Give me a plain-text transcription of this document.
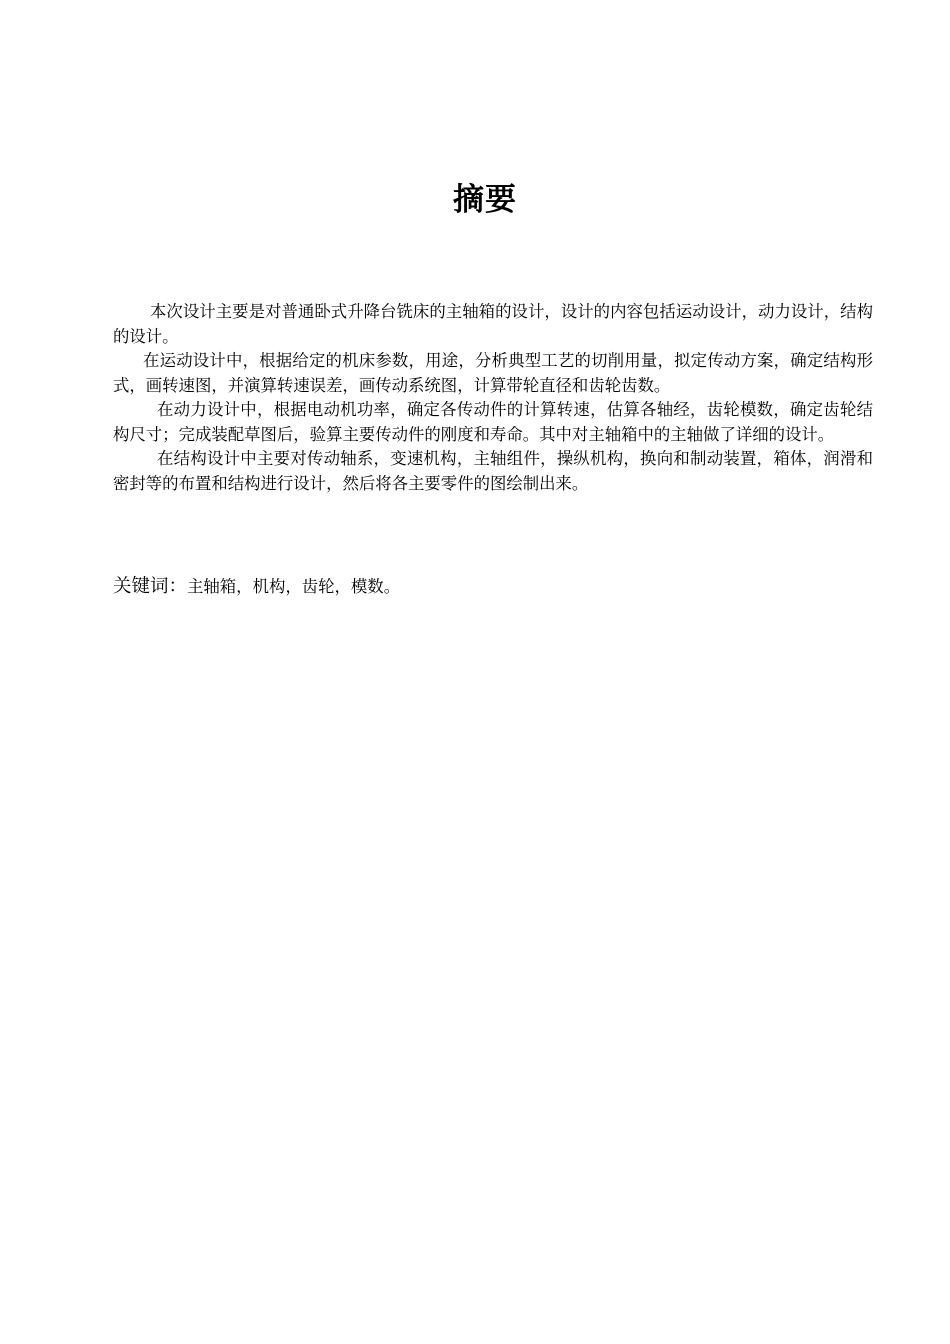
摘要

本次设计主要是对普通卧式升降台铣床的主轴箱的设计，设计的内容包括运动设计，动力设计，结构的设计。

在运动设计中，根据给定的机床参数，用途，分析典型工艺的切削用量，拟定传动方案，确定结构形式，画转速图，并演算转速误差，画传动系统图，计算带轮直径和齿轮齿数。

在动力设计中，根据电动机功率，确定各传动件的计算转速，估算各轴经，齿轮模数，确定齿轮结构尺寸；完成装配草图后，验算主要传动件的刚度和寿命。其中对主轴箱中的主轴做了详细的设计。

在结构设计中主要对传动轴系，变速机构，主轴组件，操纵机构，换向和制动装置，箱体，润滑和密封等的布置和结构进行设计，然后将各主要零件的图绘制出来。

关键词：主轴箱，机构，齿轮，模数。
